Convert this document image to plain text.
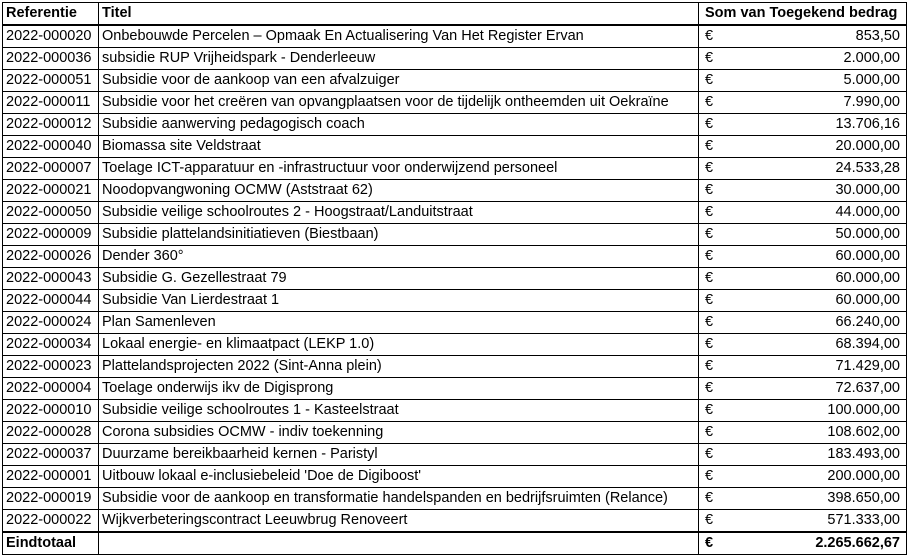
Referentie	Titel	Som van Toegekend bedrag	
2022-000020	Onbebouwde Percelen – Opmaak En Actualisering Van Het Register Ervan	€	853,50
2022-000036	subsidie RUP Vrijheidspark - Denderleeuw	€	2.000,00
2022-000051	Subsidie voor de aankoop van een afvalzuiger	€	5.000,00
2022-000011	Subsidie voor het creëren van opvangplaatsen voor de tijdelijk ontheemden uit Oekraïne	€	7.990,00
2022-000012	Subsidie aanwerving pedagogisch coach	€	13.706,16
2022-000040	Biomassa site Veldstraat	€	20.000,00
2022-000007	Toelage ICT-apparatuur en -infrastructuur voor onderwijzend personeel	€	24.533,28
2022-000021	Noodopvangwoning OCMW (Aststraat 62)	€	30.000,00
2022-000050	Subsidie veilige schoolroutes 2 - Hoogstraat/Landuitstraat	€	44.000,00
2022-000009	Subsidie plattelandsinitiatieven (Biestbaan)	€	50.000,00
2022-000026	Dender 360°	€	60.000,00
2022-000043	Subsidie G. Gezellestraat 79	€	60.000,00
2022-000044	Subsidie Van Lierdestraat 1	€	60.000,00
2022-000024	Plan Samenleven	€	66.240,00
2022-000034	Lokaal energie- en klimaatpact (LEKP 1.0)	€	68.394,00
2022-000023	Plattelandsprojecten 2022 (Sint-Anna plein)	€	71.429,00
2022-000004	Toelage onderwijs ikv de Digisprong	€	72.637,00
2022-000010	Subsidie veilige schoolroutes 1 - Kasteelstraat	€	100.000,00
2022-000028	Corona subsidies OCMW - indiv toekenning	€	108.602,00
2022-000037	Duurzame bereikbaarheid kernen - Paristyl	€	183.493,00
2022-000001	Uitbouw lokaal e-inclusiebeleid 'Doe de Digiboost'	€	200.000,00
2022-000019	Subsidie voor de aankoop en transformatie handelspanden en bedrijfsruimten (Relance)	€	398.650,00
2022-000022	Wijkverbeteringscontract Leeuwbrug Renoveert	€	571.333,00
Eindtotaal		€	2.265.662,67
